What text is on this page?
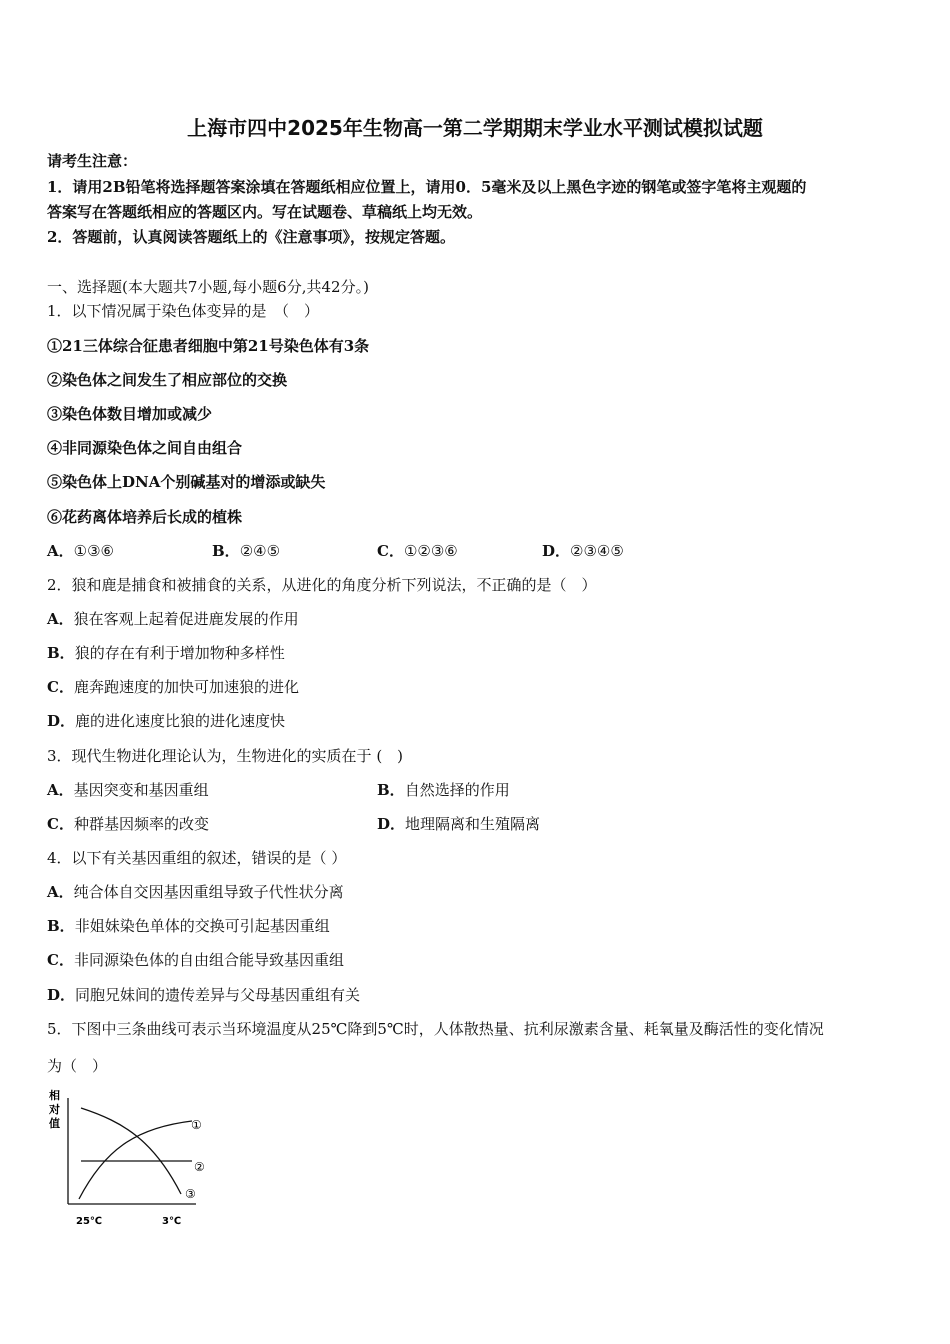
上海市四中2025年生物高一第二学期期末学业水平测试模拟试题
请考生注意：
1．请用2B铅笔将选择题答案涂填在答题纸相应位置上，请用0．5毫米及以上黑色字迹的钢笔或签字笔将主观题的
答案写在答题纸相应的答题区内。写在试题卷、草稿纸上均无效。
2．答题前，认真阅读答题纸上的《注意事项》，按规定答题。
一、选择题(本大题共7小题,每小题6分,共42分。)
1．以下情况属于染色体变异的是　（　）
①21三体综合征患者细胞中第21号染色体有3条
②染色体之间发生了相应部位的交换
③染色体数目增加或减少
④非同源染色体之间自由组合
⑤染色体上DNA个别碱基对的增添或缺失
⑥花药离体培养后长成的植株
A．①③⑥	B．②④⑤	C．①②③⑥	D．②③④⑤
2．狼和鹿是捕食和被捕食的关系，从进化的角度分析下列说法，不正确的是（　）
A．狼在客观上起着促进鹿发展的作用
B．狼的存在有利于增加物种多样性
C．鹿奔跑速度的加快可加速狼的进化
D．鹿的进化速度比狼的进化速度快
3．现代生物进化理论认为，生物进化的实质在于 (　)
A．基因突变和基因重组	B．自然选择的作用
C．种群基因频率的改变	D．地理隔离和生殖隔离
4．以下有关基因重组的叙述，错误的是（ ）
A．纯合体自交因基因重组导致子代性状分离
B．非姐妹染色单体的交换可引起基因重组
C．非同源染色体的自由组合能导致基因重组
D．同胞兄妹间的遗传差异与父母基因重组有关
5．下图中三条曲线可表示当环境温度从25℃降到5℃时，人体散热量、抗利尿激素含量、耗氧量及酶活性的变化情况
为（　）
相
对
值	①
②
③
25℃	3℃
